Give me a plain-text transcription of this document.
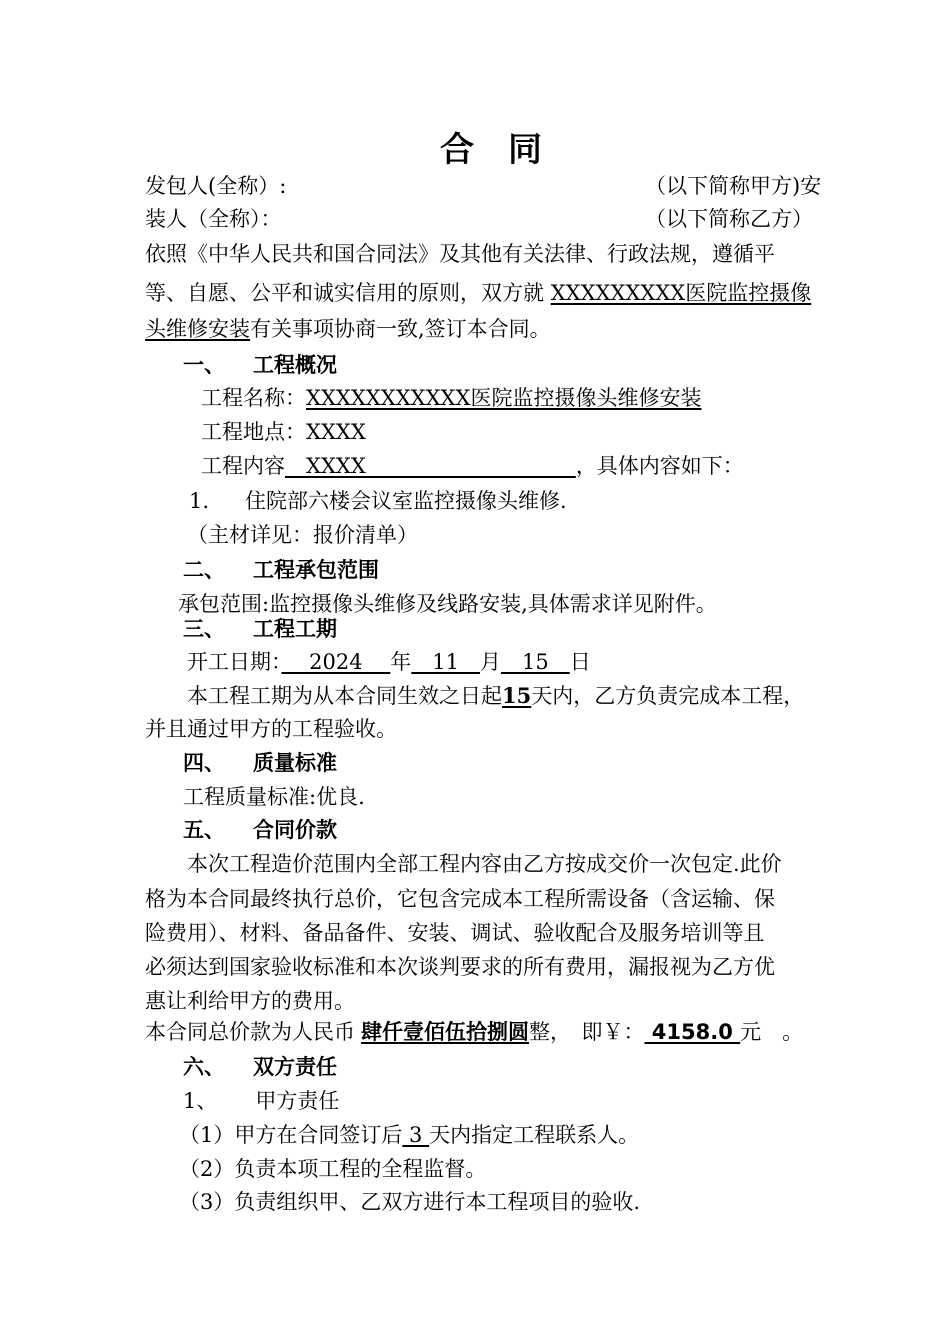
合　同
发包人(全称）:	（以下简称甲方)安
装人（全称）：	（以下简称乙方）
依照《中华人民共和国合同法》及其他有关法律、行政法规，遵循平
等、自愿、公平和诚实信用的原则，双方就 XXXXXXXXX医院监控摄像
头维修安装有关事项协商一致,签订本合同。
一、 工程概况
工程名称：XXXXXXXXXXX医院监控摄像头维修安装
工程地点：XXXX
工程内容　XXXX　　　　　　　　　　，具体内容如下：
1. 住院部六楼会议室监控摄像头维修.
（主材详见：报价清单）
二、 工程承包范围
承包范围:监控摄像头维修及线路安装,具体需求详见附件。
三、 工程工期
开工日期：　 2024　 年　11　月　15　日
本工程工期为从本合同生效之日起15天内，乙方负责完成本工程，
并且通过甲方的工程验收。
四、 质量标准
工程质量标准:优良.
五、 合同价款
本次工程造价范围内全部工程内容由乙方按成交价一次包定.此价
格为本合同最终执行总价，它包含完成本工程所需设备（含运输、保
险费用）、材料、备品备件、安装、调试、验收配合及服务培训等且
必须达到国家验收标准和本次谈判要求的所有费用，漏报视为乙方优
惠让利给甲方的费用。
本合同总价款为人民币 肆仟壹佰伍拾捌圆整，　即￥： 4158.0 元　。
六、 双方责任
1、 甲方责任
（1）甲方在合同签订后 3 天内指定工程联系人。
（2）负责本项工程的全程监督。
（3）负责组织甲、乙双方进行本工程项目的验收.
